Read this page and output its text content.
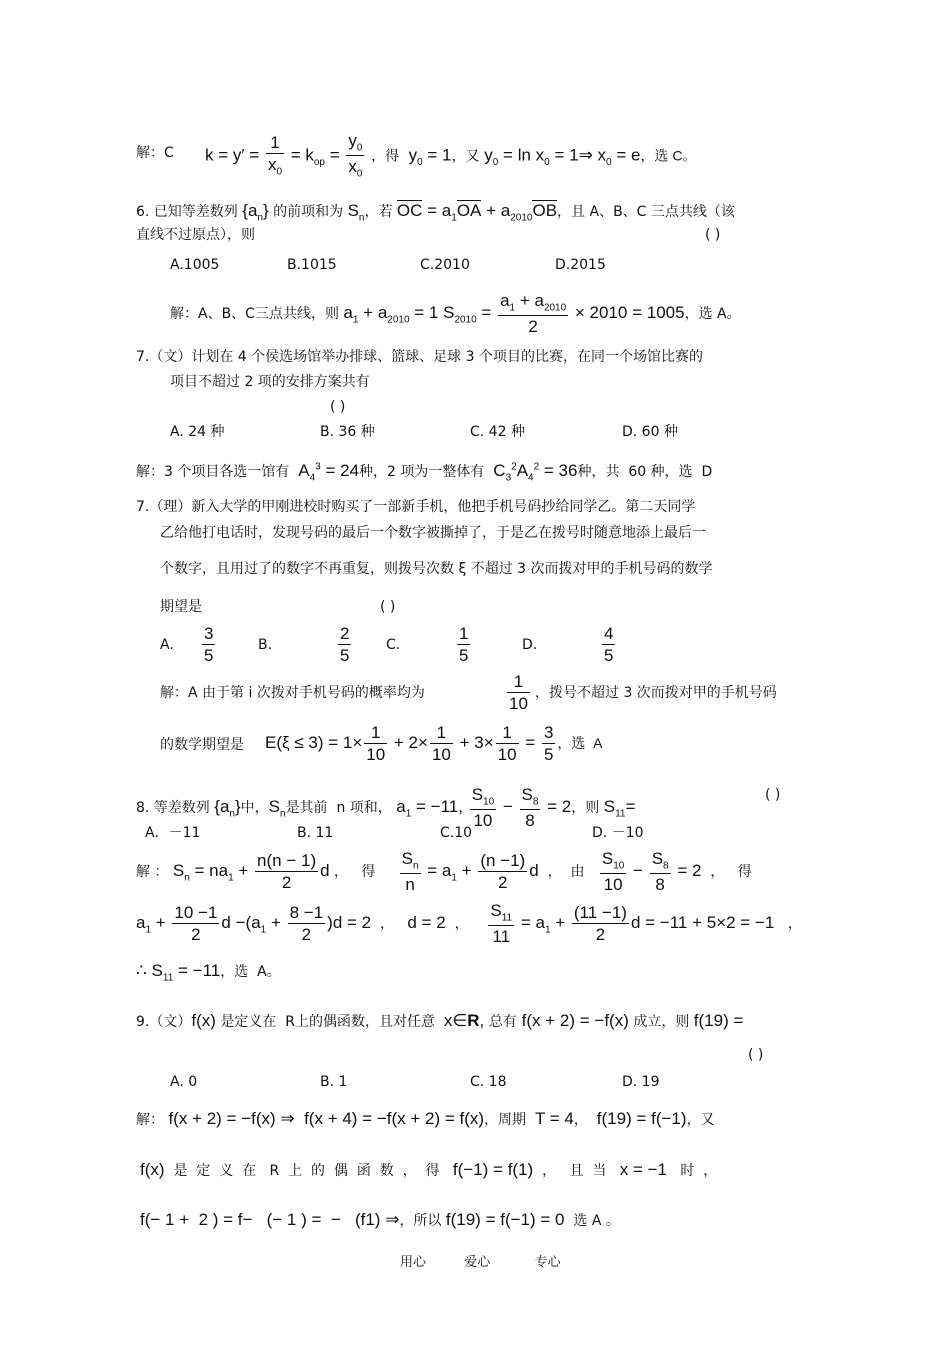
解：C $k = y' = \frac{1}{x_0} = k_{op} = \frac{y_0}{x_0}$ ，得  $y_0 = 1$，又 $y_0 = \ln x_0$ = 1⇒ $x_0 = e$，选 C。
6. 已知等差数列 $\{a_n\}$ 的前项和为 $S_n$，若 OC = $a_1OA + a_{2010}OB$，且 A、B、C 三点共线（该
直线不过原点），则	( )
A.1005	B.1015	C.2010	D.2015
解：A、B、C三点共线，则 $a_1 + a_{2010} = 1$ $S_{2010} = \frac{a_1 + a_{2010}}{2} \times 2010 = 1005$，选 A。
7.（文）计划在 4 个侯选场馆举办排球、篮球、足球 3 个项目的比赛，在同一个场馆比赛的
项目不超过 2 项的安排方案共有
( )
A. 24 种	B. 36 种	C. 42 种	D. 60 种
解：3 个项目各选一馆有  $A_4^3 = 24$种，2 项为一整体有  $C_3^2A_4^2 = 36$种，共  60 种，选  D
7.（理）新入大学的甲刚进校时购买了一部新手机，他把手机号码抄给同学乙。第二天同学
乙给他打电话时，发现号码的最后一个数字被撕掉了，于是乙在拨号时随意地添上最后一
个数字，且用过了的数字不再重复，则拨号次数 ξ 不超过 3 次而拨对甲的手机号码的数学
期望是	( )
A. $\frac{3}{5}$	B.	$\frac{2}{5} C$.	$\frac{1}{5}$	D.	$\frac{4}{5}$
解：A 由于第 i 次拨对手机号码的概率均为	$\frac{1}{10}$ ，拨号不超过 3 次而拨对甲的手机号码
的数学期望是 $E(\xi \le 3) = 1\times \frac{1}{10} + 2\times \frac{1}{10} + 3\times \frac{1}{10} = \frac{3}{5}$ ，选  A
8. 等差数列 $\{a_n\}$中，$S_n$是其前  n 项和， $a_1 = -11$, $\frac{S_{10}}{10} - \frac{S_8}{8} = 2$，则 $S_{11}=$
( )
A．－11	B. 11	C.10	D. －10
解 ： $S_n = na_1 + \frac{n(n - 1)}{2}$ d ，   得 $\frac{S_n}{n} = a_1 + \frac{(n -1)}{2}$ d  ，  由 $\frac{S_{10}}{10} - \frac{S_8}{8} = 2$  ，   得
$a_1 + \frac{10 -1}{2}$ $d -(a_1 + \frac{8 -1}{2} )d = 2$  ，   d = 2  ， $\frac{S_{11}}{11} = a_1 + \frac{(11 -1)}{2}$ d = −11 + 5×2 = −1   ，
∴ $S_{11} = -11$，选  A。
9.（文）f(x) 是定义在  R上的偶函数，且对任意  x∈R, 总有 f(x + 2) = −f(x) 成立，则 f(19) =
( )
A. 0	B. 1	C. 18	D. 19
解： f(x + 2) = −f(x) ⇒  f(x + 4) = −f(x + 2) = f(x)，周期  T = 4，  f(19) = f(−1)，又
f(x)  是  定  义  在   R  上  的  偶  函  数  ，  得   f(−1) = f(1)  ，   且  当   x = −1   时  ，
f(− 1 +  2 ) = f−   (− 1 ) =  −   (f1) ⇒，所以 f(19) = f(−1) = 0  选 A 。
用心	爱心	专心
